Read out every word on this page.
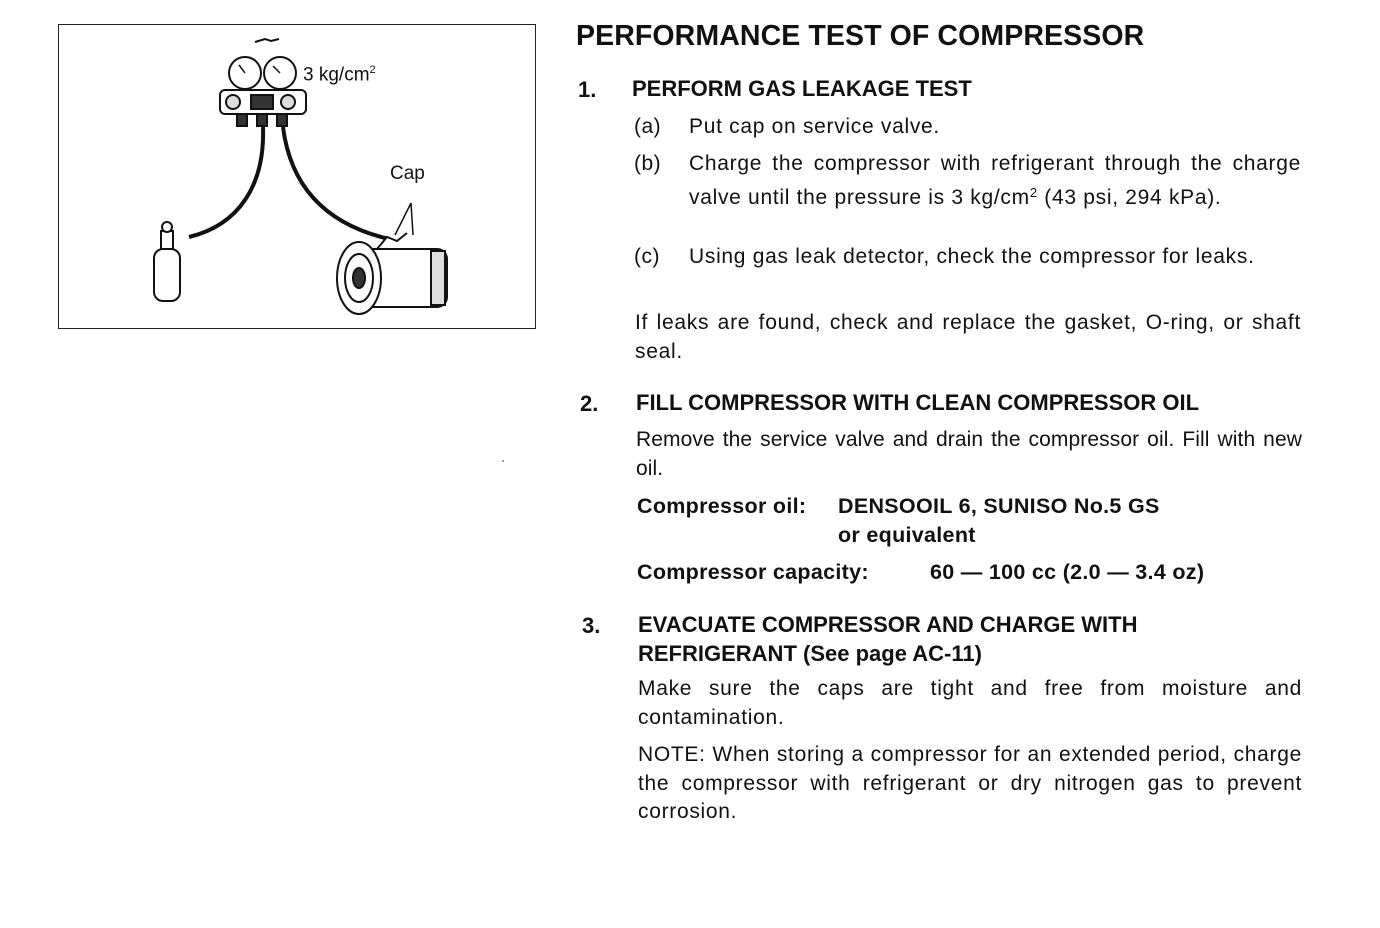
3 $kg/cm^2$
Cap
PERFORMANCE TEST OF COMPRESSOR
1. PERFORM GAS LEAKAGE TEST
(a) Put cap on service valve.
(b) Charge the compressor with refrigerant through the charge valve until the pressure is 3 $kg/cm^2$ (43 psi, 294 kPa).
(c) Using gas leak detector, check the compressor for leaks.
If leaks are found, check and replace the gasket, O-ring, or shaft seal.
2. FILL COMPRESSOR WITH CLEAN COMPRESSOR OIL
Remove the service valve and drain the compressor oil. Fill with new oil.
Compressor oil: DENSOOIL 6, SUNISO No.5 GS
or equivalent
Compressor capacity:	60 — 100 cc (2.0 — 3.4 oz)
3. EVACUATE COMPRESSOR AND CHARGE WITH
REFRIGERANT (See page AC-11)
Make sure the caps are tight and free from moisture and contamination.
NOTE: When storing a compressor for an extended period, charge the compressor with refrigerant or dry nitrogen gas to prevent corrosion.
